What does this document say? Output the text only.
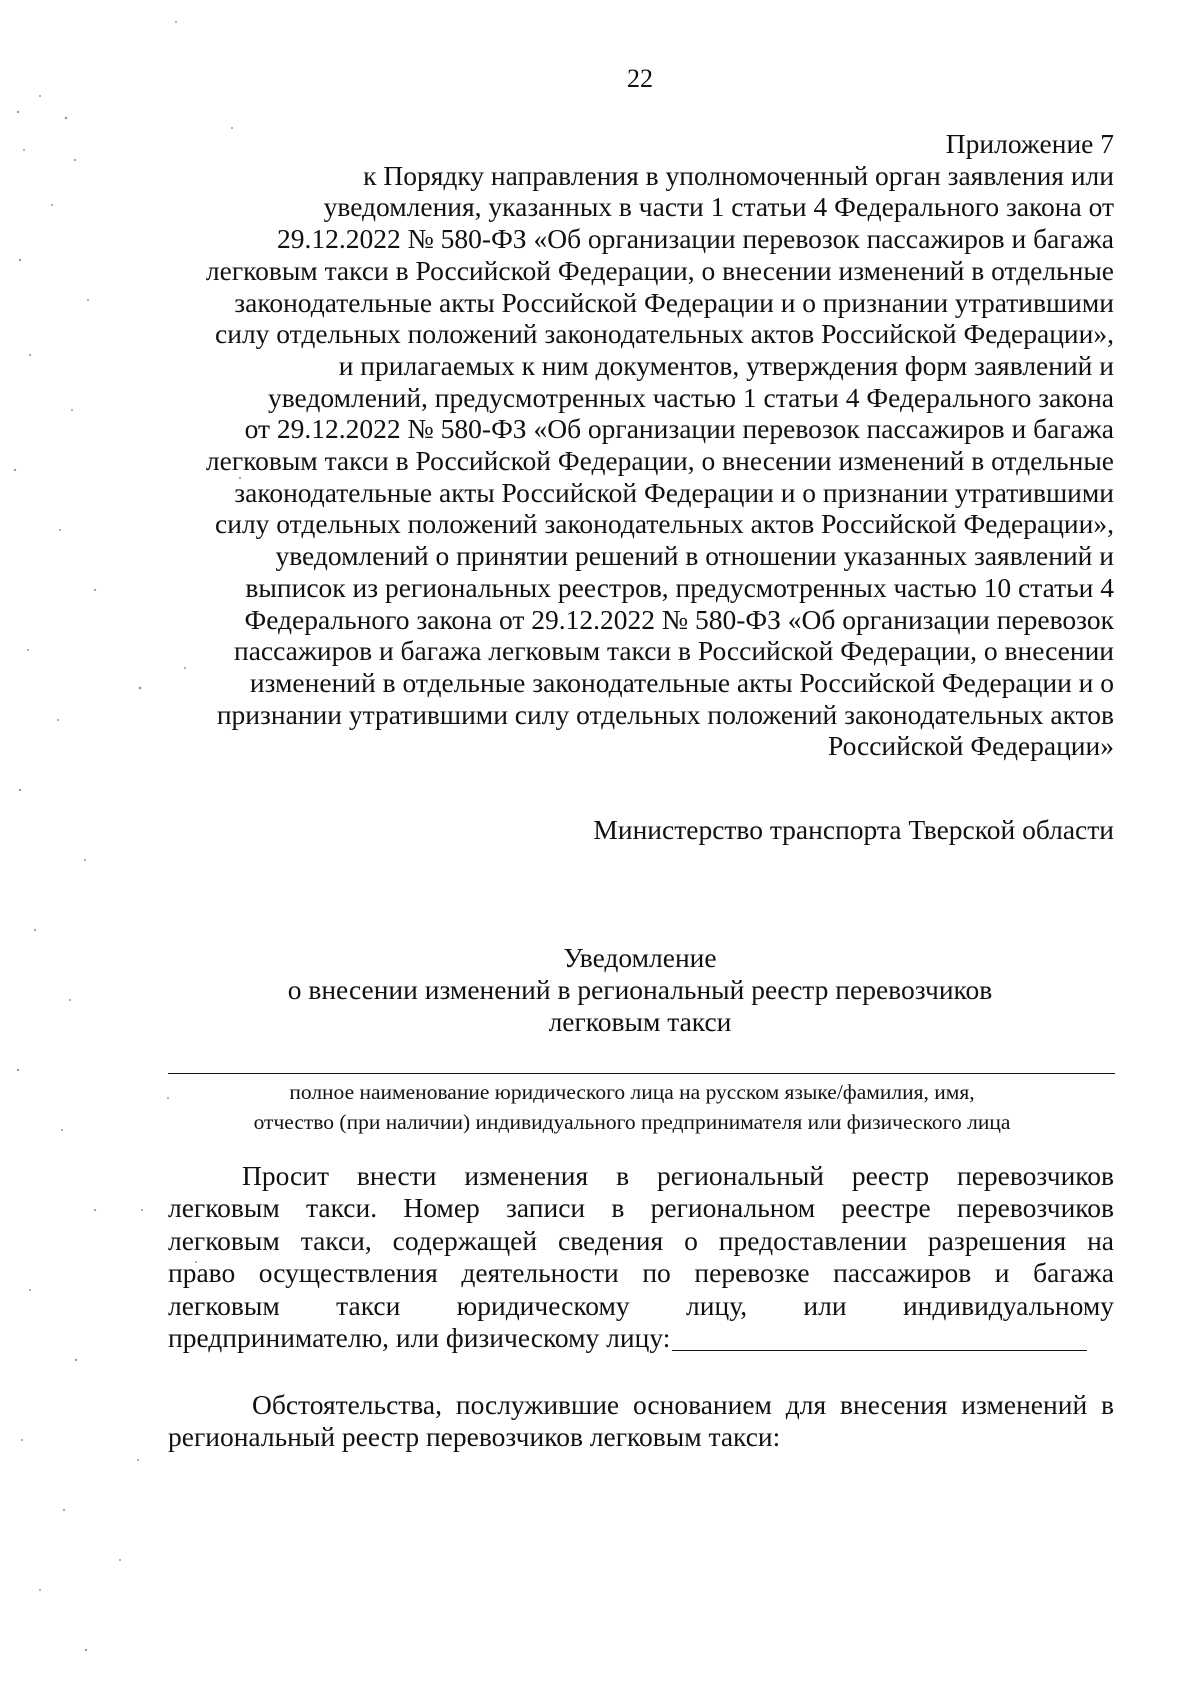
22
Приложение 7
к Порядку направления в уполномоченный орган заявления или
уведомления, указанных в части 1 статьи 4 Федерального закона от
29.12.2022 № 580-ФЗ «Об организации перевозок пассажиров и багажа
легковым такси в Российской Федерации, о внесении изменений в отдельные
законодательные акты Российской Федерации и о признании утратившими
силу отдельных положений законодательных актов Российской Федерации»,
и прилагаемых к ним документов, утверждения форм заявлений и
уведомлений, предусмотренных частью 1 статьи 4 Федерального закона
от 29.12.2022 № 580-ФЗ «Об организации перевозок пассажиров и багажа
легковым такси в Российской Федерации, о внесении изменений в отдельные
законодательные акты Российской Федерации и о признании утратившими
силу отдельных положений законодательных актов Российской Федерации»,
уведомлений о принятии решений в отношении указанных заявлений и
выписок из региональных реестров, предусмотренных частью 10 статьи 4
Федерального закона от 29.12.2022 № 580-ФЗ «Об организации перевозок
пассажиров и багажа легковым такси в Российской Федерации, о внесении
изменений в отдельные законодательные акты Российской Федерации и о
признании утратившими силу отдельных положений законодательных актов
Российской Федерации»
Министерство транспорта Тверской области
Уведомление
о внесении изменений в региональный реестр перевозчиков
легковым такси
полное наименование юридического лица на русском языке/фамилия, имя,
отчество (при наличии) индивидуального предпринимателя или физического лица
Просит внести изменения в региональный реестр перевозчиков
легковым такси. Номер записи в региональном реестре перевозчиков
легковым такси, содержащей сведения о предоставлении разрешения на
право осуществления деятельности по перевозке пассажиров и багажа
легковым такси юридическому лицу, или индивидуальному
предпринимателю, или физическому лицу:
Обстоятельства, послужившие основанием для внесения изменений в
региональный реестр перевозчиков легковым такси:
